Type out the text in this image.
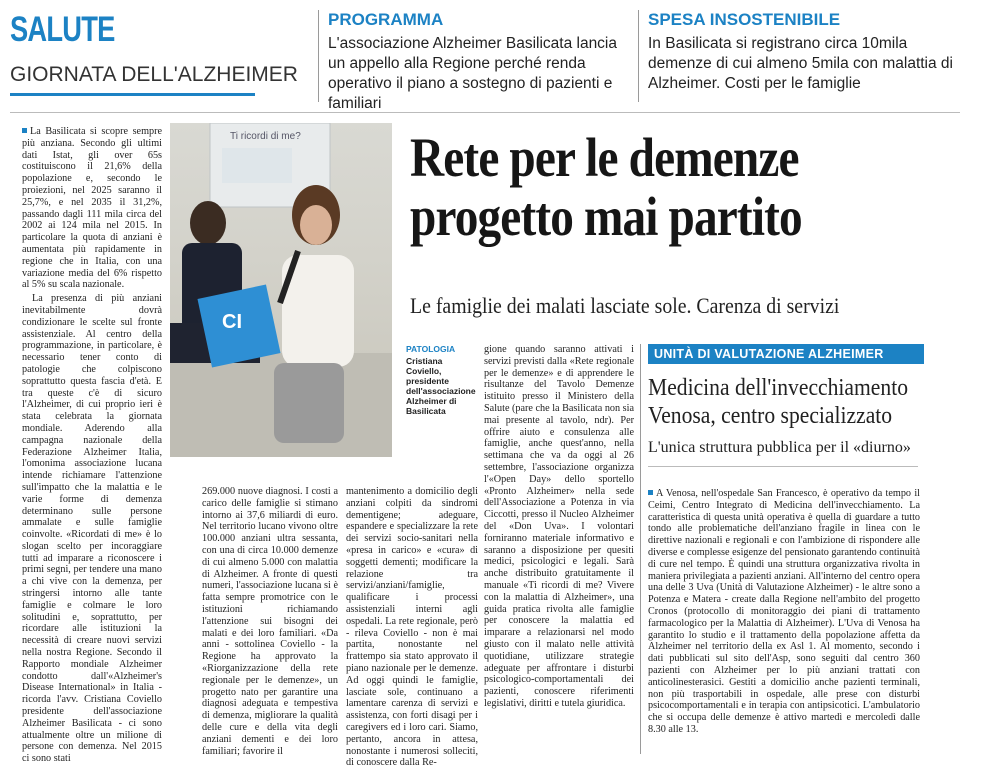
SALUTE
GIORNATA DELL'ALZHEIMER
PROGRAMMA
L'associazione Alzheimer Basilicata lancia un appello alla Regione perché renda operativo il piano a sostegno di pazienti e familiari
SPESA INSOSTENIBILE
In Basilicata si registrano circa 10mila demenze di cui almeno 5mila con malattia di Alzheimer. Costi per le famiglie

La Basilicata si scopre sempre più anziana. Secondo gli ultimi dati Istat, gli over 65s costituiscono il 21,6% della popolazione e, secondo le proiezioni, nel 2025 saranno il 25,7%, e nel 2035 il 31,2%, passando dagli 111 mila circa del 2002 ai 124 mila nel 2015. In particolare la quota di anziani è aumentata più rapidamente in regione che in Italia, con una variazione media del 6% rispetto al 5% su scala nazionale.

La presenza di più anziani inevitabilmente dovrà condizionare le scelte sul fronte assistenziale. Al centro della programmazione, in particolare, è necessario tener conto di patologie che colpiscono soprattutto questa fascia d'età. E tra queste c'è di sicuro l'Alzheimer, di cui proprio ieri è stata celebrata la giornata mondiale. Aderendo alla campagna nazionale della Federazione Alzheimer Italia, l'omonima associazione lucana intende richiamare l'attenzione sull'impatto che la malattia e le varie forme di demenza determinano sulle persone ammalate e sulle famiglie coinvolte. «Ricordati di me» è lo slogan scelto per incoraggiare tutti ad imparare a riconoscere i primi segni, per tendere una mano a chi vive con la demenza, per stringersi intorno alle tante famiglie e colmare le loro solitudini e, soprattutto, per ricordare alle istituzioni la necessità di creare nuovi servizi nella nostra Regione. Secondo il Rapporto mondiale Alzheimer condotto dall'«Alzheimer's Disease International» in Italia - ricorda l'avv. Cristiana Coviello presidente dell'associazione Alzheimer Basilicata - ci sono attualmente oltre un milione di persone con demenza. Nel 2015 ci sono stati

Ti ricordi di me?
CI
PATOLOGIA
Cristiana Coviello, presidente dell'associazione Alzheimer di Basilicata
Rete per le demenze
progetto mai partito
Le famiglie dei malati lasciate sole. Carenza di servizi

269.000 nuove diagnosi. I costi a carico delle famiglie si stimano intorno ai 37,6 miliardi di euro. Nel territorio lucano vivono oltre 100.000 anziani ultra sessanta, con una di circa 10.000 demenze di cui almeno 5.000 con malattia di Alzheimer. A fronte di questi numeri, l'associazione lucana si è fatta sempre promotrice con le istituzioni richiamando l'attenzione sui bisogni dei malati e dei loro familiari. «Da anni - sottolinea Coviello - la Regione ha approvato la «Riorganizzazione della rete regionale per le demenze», un progetto nato per garantire una diagnosi adeguata e tempestiva di demenza, migliorare la qualità delle cure e della vita degli anziani dementi e dei loro familiari; favorire il

mantenimento a domicilio degli anziani colpiti da sindromi dementigene; adeguare, espandere e specializzare la rete dei servizi socio-sanitari nella «presa in carico» e «cura» di soggetti dementi; modificare la relazione tra servizi/anziani/famiglie, qualificare i processi assistenziali interni agli ospedali. La rete regionale, però - rileva Coviello - non è mai partita, nonostante nel frattempo sia stato approvato il piano nazionale per le demenze. Ad oggi quindi le famiglie, lasciate sole, continuano a lamentare carenza di servizi e assistenza, con forti disagi per i caregivers ed i loro cari. Siamo, pertanto, ancora in attesa, nonostante i numerosi solleciti, di conoscere dalla Re-

gione quando saranno attivati i servizi previsti dalla «Rete regionale per le demenze» e di apprendere le risultanze del Tavolo Demenze istituito presso il Ministero della Salute (pare che la Basilicata non sia mai presente al tavolo, ndr). Per offrire aiuto e consulenza alle famiglie, anche quest'anno, nella settimana che va da oggi al 26 settembre, l'associazione organizza l'«Open Day» dello sportello «Pronto Alzheimer» nella sede dell'Associazione a Potenza in via Ciccotti, presso il Nucleo Alzheimer del «Don Uva». I volontari forniranno materiale informativo e saranno a disposizione per quesiti medici, psicologici e legali. Sarà anche distribuito gratuitamente il manuale «Ti ricordi di me? Vivere con la malattia di Alzheimer», una guida pratica rivolta alle famiglie per conoscere la malattia ed imparare a relazionarsi nel modo giusto con il malato nelle attività quotidiane, utilizzare strategie adeguate per affrontare i disturbi psicologico-comportamentali dei pazienti, conoscere riferimenti legislativi, diritti e tutela giuridica.

UNITÀ DI VALUTAZIONE ALZHEIMER
Medicina dell'invecchiamento
Venosa, centro specializzato
L'unica struttura pubblica per il «diurno»

A Venosa, nell'ospedale San Francesco, è operativo da tempo il Ceimi, Centro Integrato di Medicina dell'invecchiamento. La caratteristica di questa unità operativa è quella di guardare a tutto tondo alle problematiche dell'anziano fragile in linea con le direttive nazionali e regionali e con l'ambizione di rispondere alle diverse e complesse esigenze del pensionato garantendo continuità di cure nel tempo. È quindi una struttura organizzativa rivolta in maniera privilegiata a pazienti anziani. All'interno del centro opera una delle 3 Uva (Unità di Valutazione Alzheimer) - le altre sono a Potenza e Matera - create dalla Regione nell'ambito del progetto Cronos (protocollo di monitoraggio dei piani di trattamento farmacologico per la Malattia di Alzheimer). L'Uva di Venosa ha garantito lo studio e il trattamento della popolazione affetta da Alzheimer nel territorio della ex Asl 1. Al momento, secondo i dati pubblicati sul sito dell'Asp, sono seguiti dal centro 360 pazienti con Alzheimer per lo più anziani trattati con anticolinesterasici. Gestiti a domicilio anche pazienti terminali, non più trasportabili in ospedale, alle prese con disturbi psicocomportamentali e in terapia con antipsicotici. L'ambulatorio che si occupa delle demenze è attivo martedì e mercoledì dalle 8.30 alle 13.
